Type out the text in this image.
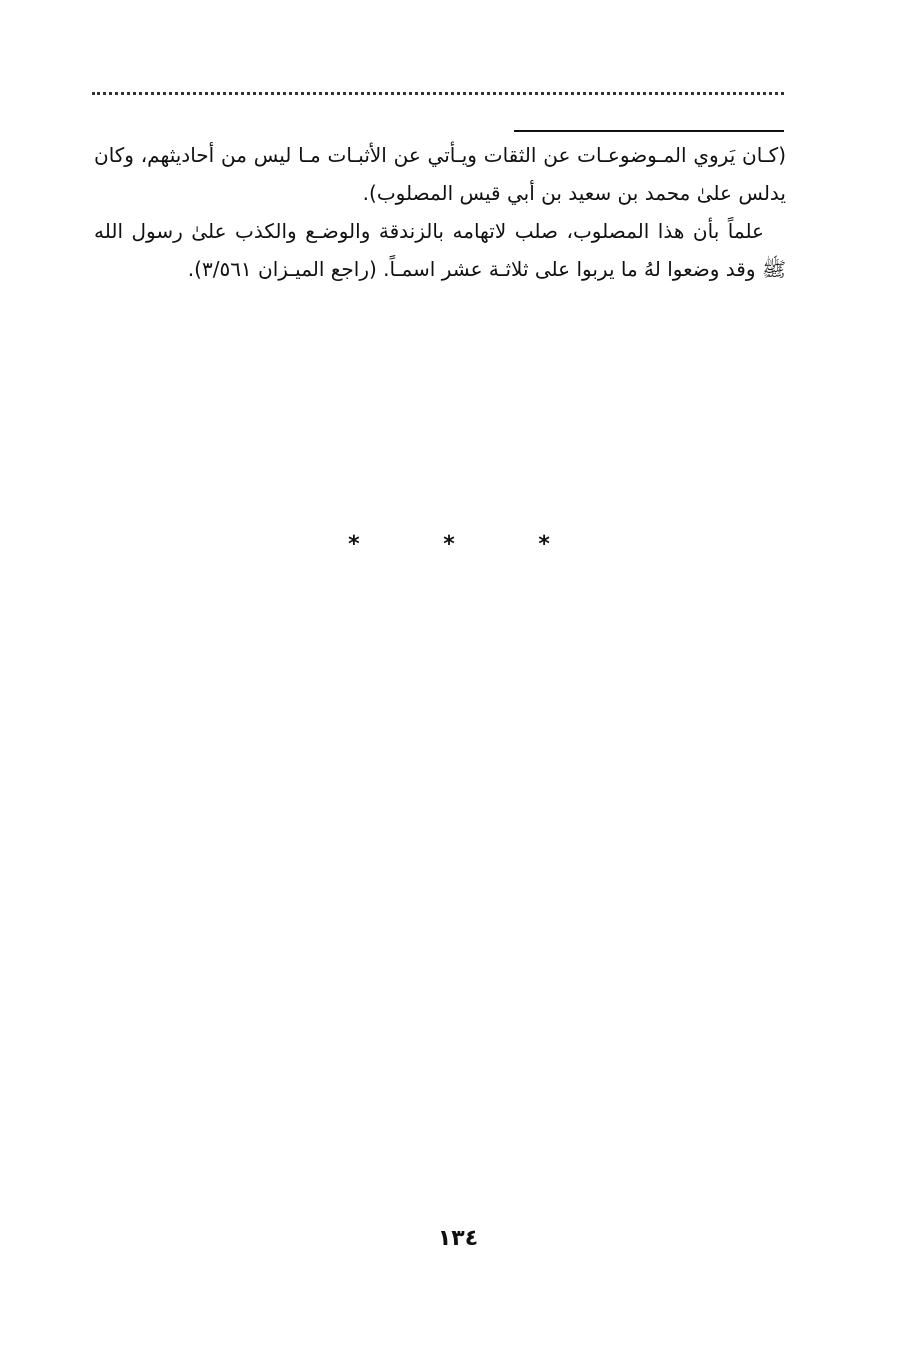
(كـان يَروي المـوضوعـات عن الثقات ويـأتي عن الأثبـات مـا ليس من أحاديثهم، وكان يدلس علىٰ محمد بن سعيد بن أبي قيس المصلوب).

علماً بأن هذا المصلوب، صلب لاتهامه بالزندقة والوضـع والكذب علىٰ رسول الله ﷺ وقد وضعوا لهُ ما يربوا على ثلاثـة عشر اسمـاً. (راجع الميـزان ٣/٥٦١).

* * *
١٣٤
